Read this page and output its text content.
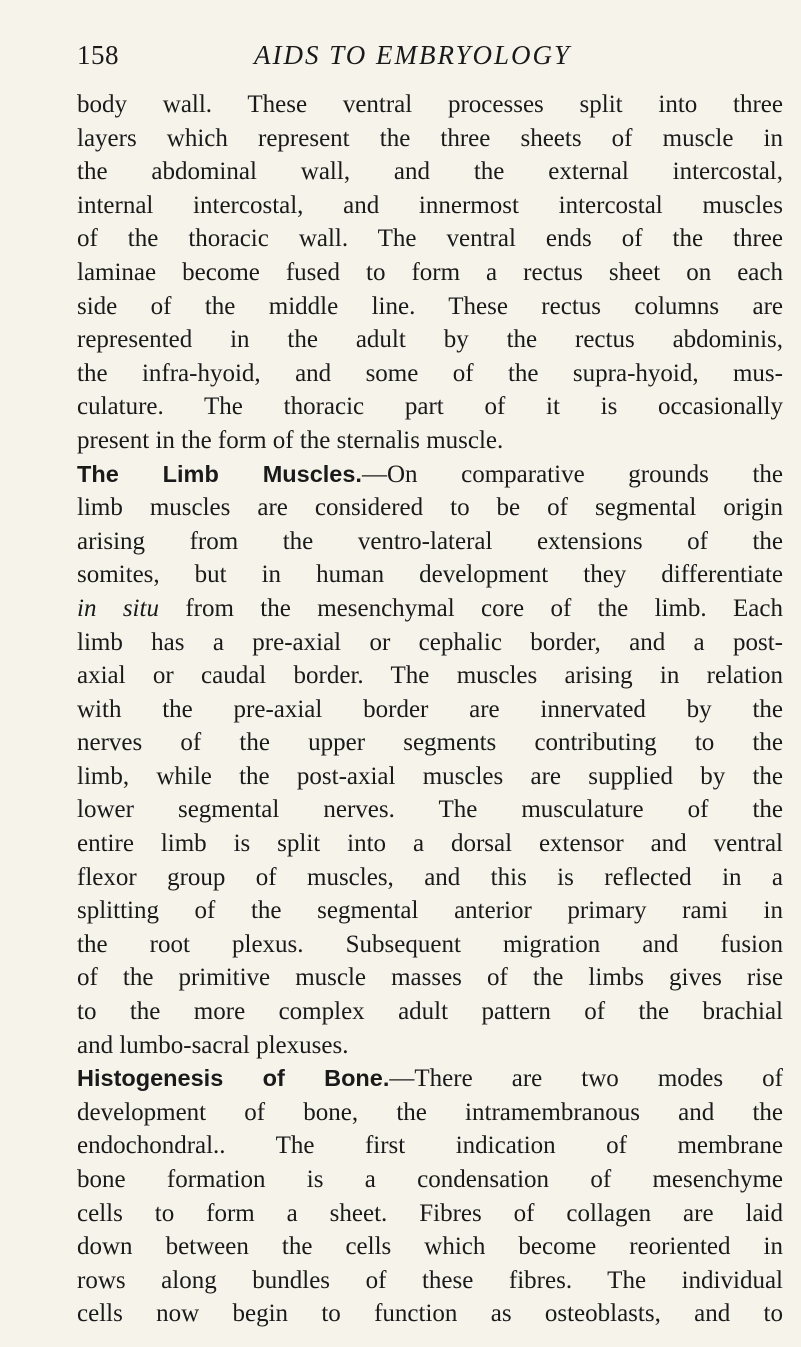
158	AIDS TO EMBRYOLOGY

body wall. These ventral processes split into three

layers which represent the three sheets of muscle in

the abdominal wall, and the external intercostal,

internal intercostal, and innermost intercostal muscles

of the thoracic wall. The ventral ends of the three

laminae become fused to form a rectus sheet on each

side of the middle line. These rectus columns are

represented in the adult by the rectus abdominis,

the infra-hyoid, and some of the supra-hyoid, mus-

culature. The thoracic part of it is occasionally

present in the form of the sternalis muscle.

The Limb Muscles.—On comparative grounds the

limb muscles are considered to be of segmental origin

arising from the ventro-lateral extensions of the

somites, but in human development they differentiate

in situ from the mesenchymal core of the limb. Each

limb has a pre-axial or cephalic border, and a post-

axial or caudal border. The muscles arising in relation

with the pre-axial border are innervated by the

nerves of the upper segments contributing to the

limb, while the post-axial muscles are supplied by the

lower segmental nerves. The musculature of the

entire limb is split into a dorsal extensor and ventral

flexor group of muscles, and this is reflected in a

splitting of the segmental anterior primary rami in

the root plexus. Subsequent migration and fusion

of the primitive muscle masses of the limbs gives rise

to the more complex adult pattern of the brachial

and lumbo-sacral plexuses.

Histogenesis of Bone.—There are two modes of

development of bone, the intramembranous and the

endochondral.. The first indication of membrane

bone formation is a condensation of mesenchyme

cells to form a sheet. Fibres of collagen are laid

down between the cells which become reoriented in

rows along bundles of these fibres. The individual

cells now begin to function as osteoblasts, and to
